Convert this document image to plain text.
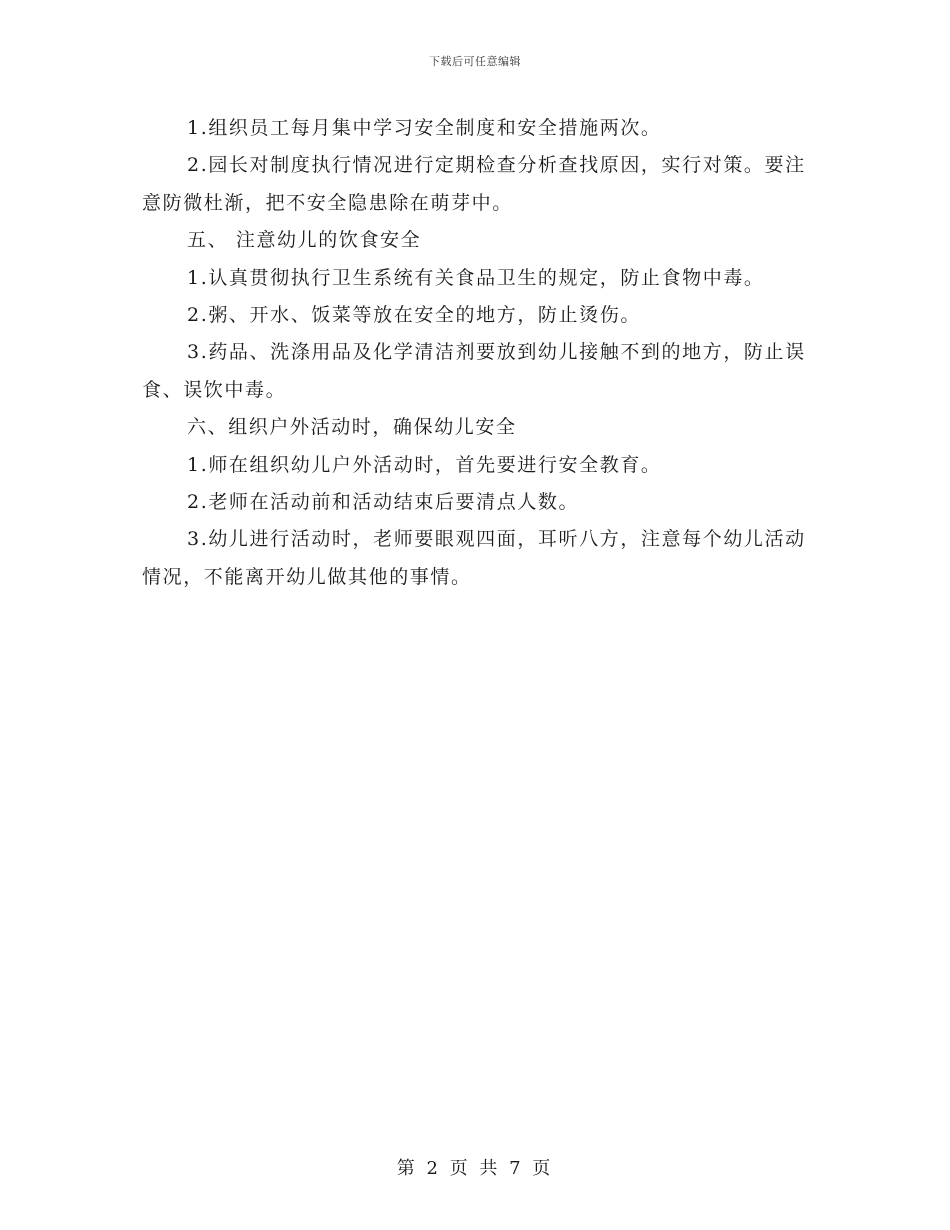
下载后可任意编辑

1.组织员工每月集中学习安全制度和安全措施两次。

2.园长对制度执行情况进行定期检查分析查找原因，实行对策。要注意防微杜渐，把不安全隐患除在萌芽中。

五、 注意幼儿的饮食安全

1.认真贯彻执行卫生系统有关食品卫生的规定，防止食物中毒。

2.粥、开水、饭菜等放在安全的地方，防止烫伤。

3.药品、洗涤用品及化学清洁剂要放到幼儿接触不到的地方，防止误食、误饮中毒。

六、组织户外活动时，确保幼儿安全

1.师在组织幼儿户外活动时，首先要进行安全教育。

2.老师在活动前和活动结束后要清点人数。

3.幼儿进行活动时，老师要眼观四面，耳听八方，注意每个幼儿活动情况，不能离开幼儿做其他的事情。

第 2 页 共 7 页
